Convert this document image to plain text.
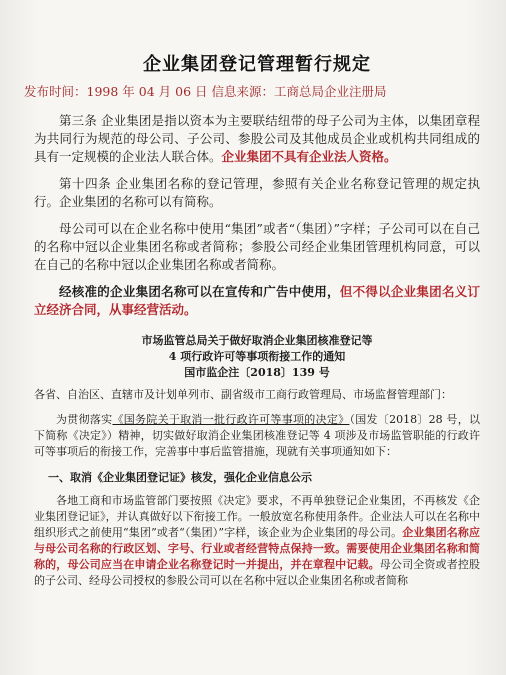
企业集团登记管理暂行规定
发布时间：1998 年 04 月 06 日 信息来源：工商总局企业注册局

第三条 企业集团是指以资本为主要联结纽带的母子公司为主体，以集团章程为共同行为规范的母公司、子公司、参股公司及其他成员企业或机构共同组成的具有一定规模的企业法人联合体。企业集团不具有企业法人资格。

第十四条 企业集团名称的登记管理，参照有关企业名称登记管理的规定执行。企业集团的名称可以有简称。

母公司可以在企业名称中使用“集团”或者“（集团）”字样；子公司可以在自己的名称中冠以企业集团名称或者简称；参股公司经企业集团管理机构同意，可以在自己的名称中冠以企业集团名称或者简称。

经核准的企业集团名称可以在宣传和广告中使用，但不得以企业集团名义订立经济合同，从事经营活动。

市场监管总局关于做好取消企业集团核准登记等
4 项行政许可等事项衔接工作的通知
国市监企注〔2018〕139 号

各省、自治区、直辖市及计划单列市、副省级市工商行政管理局、市场监督管理部门：

为贯彻落实《国务院关于取消一批行政许可等事项的决定》（国发〔2018〕28 号，以下简称《决定》）精神，切实做好取消企业集团核准登记等 4 项涉及市场监管职能的行政许可等事项后的衔接工作，完善事中事后监管措施，现就有关事项通知如下：

一、取消《企业集团登记证》核发，强化企业信息公示

各地工商和市场监管部门要按照《决定》要求，不再单独登记企业集团，不再核发《企业集团登记证》，并认真做好以下衔接工作。一般放宽名称使用条件。企业法人可以在名称中组织形式之前使用“集团”或者“（集团）”字样，该企业为企业集团的母公司。企业集团名称应与母公司名称的行政区划、字号、行业或者经营特点保持一致。需要使用企业集团名称和简称的，母公司应当在申请企业名称登记时一并提出，并在章程中记载。母公司全资或者控股的子公司、经母公司授权的参股公司可以在名称中冠以企业集团名称或者简称
